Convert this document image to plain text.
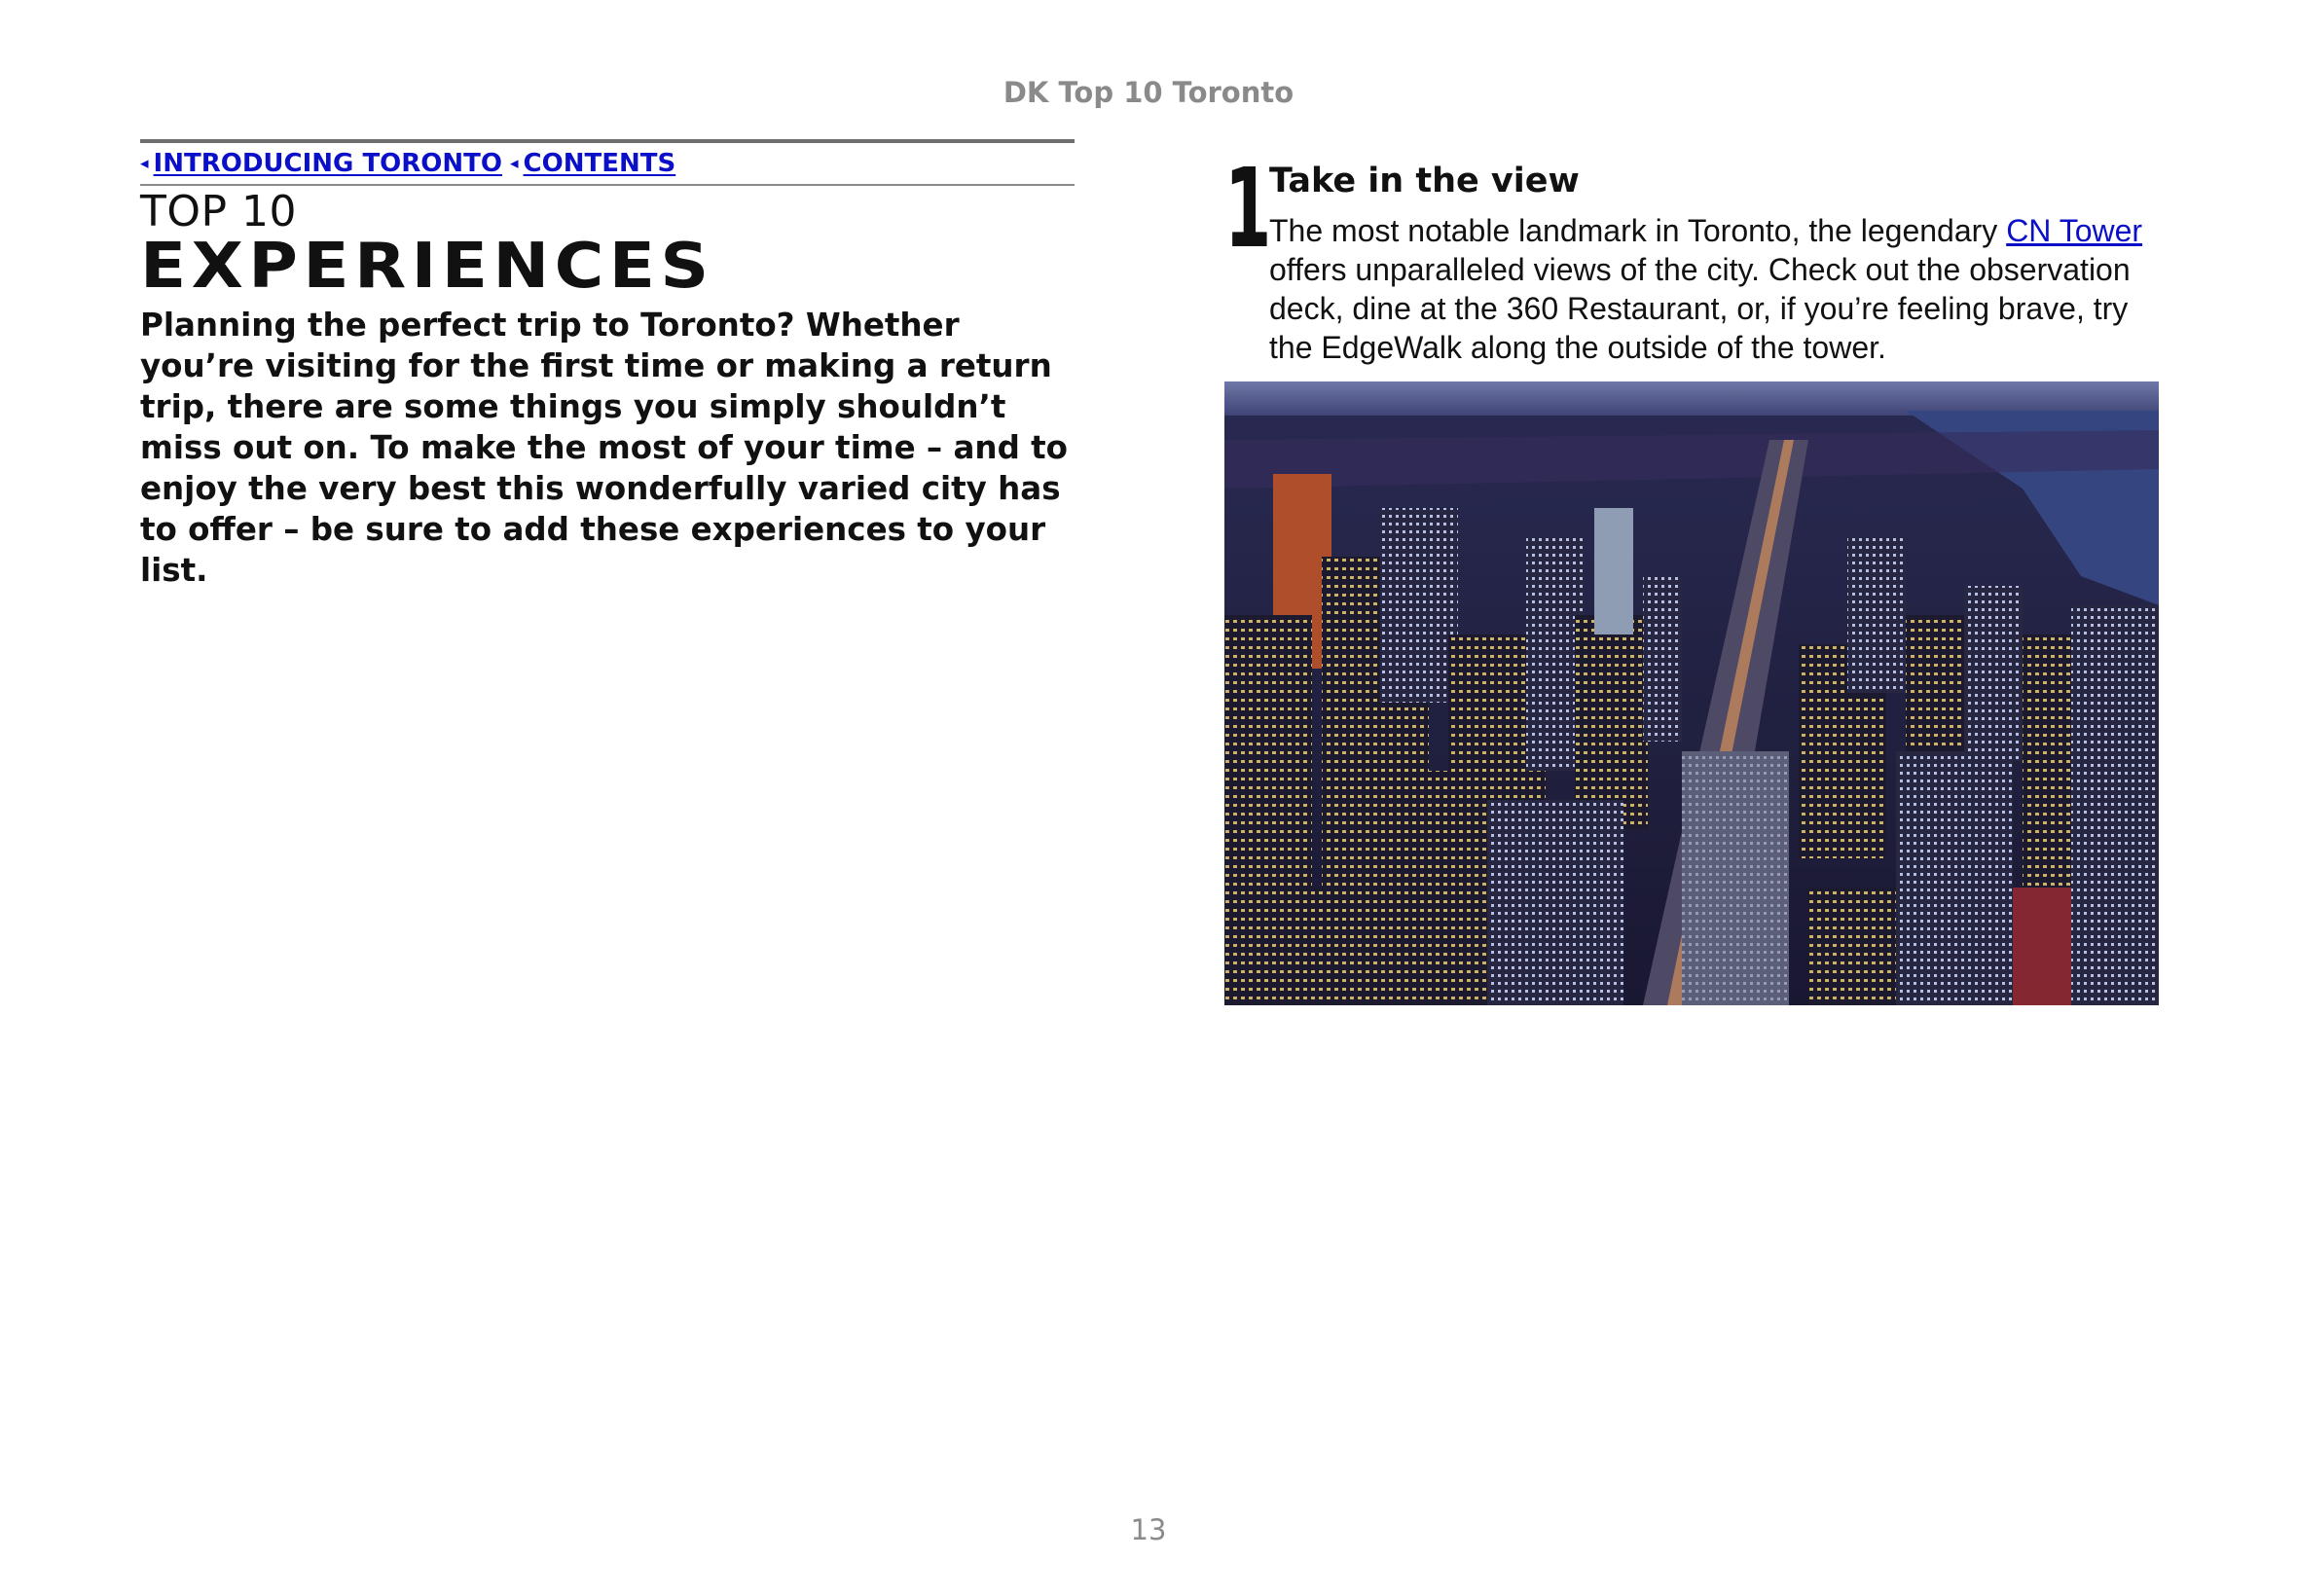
DK Top 10 Toronto
◂ INTRODUCING TORONTO ◂ CONTENTS
TOP 10
EXPERIENCES
Planning the perfect trip to Toronto? Whether you’re visiting for the first time or making a return trip, there are some things you simply shouldn’t miss out on. To make the most of your time – and to enjoy the very best this wonderfully varied city has to offer – be sure to add these experiences to your list.
1
Take in the view
The most notable landmark in Toronto, the legendary CN Tower offers unparalleled views of the city. Check out the observation deck, dine at the 360 Restaurant, or, if you’re feeling brave, try the EdgeWalk along the outside of the tower.
13
